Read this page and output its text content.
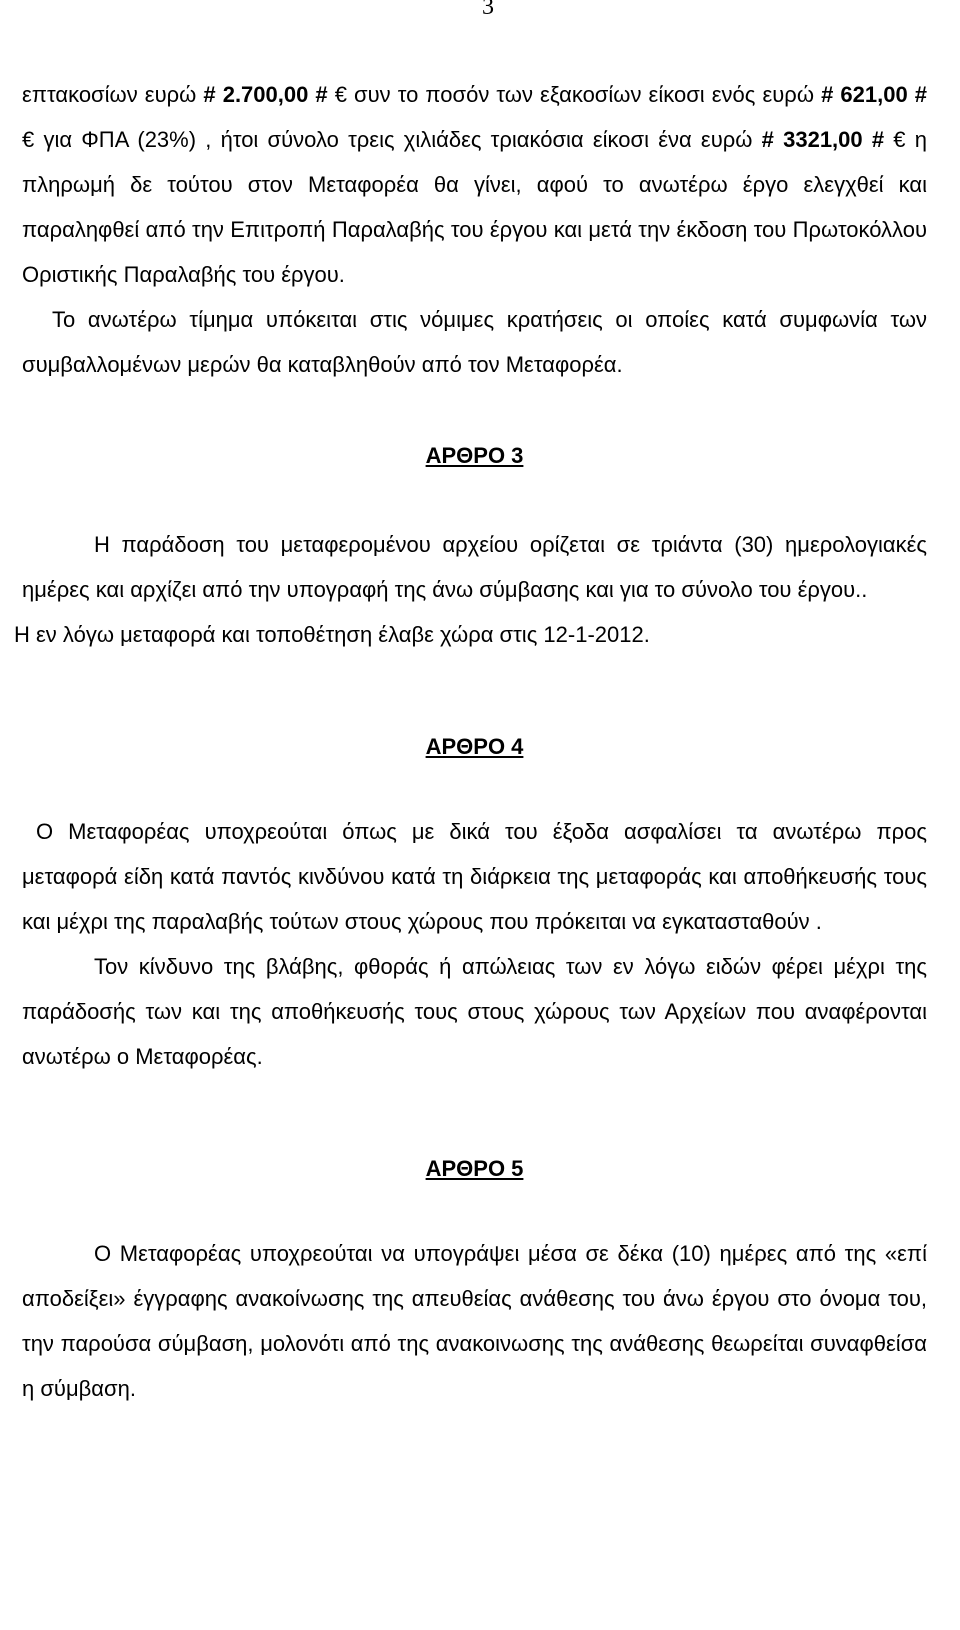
3

επτακοσίων ευρώ # 2.700,00 # € συν το ποσόν των εξακοσίων είκοσι ενός ευρώ # 621,00 # € για ΦΠΑ (23%) , ήτοι σύνολο τρεις χιλιάδες τριακόσια είκοσι ένα ευρώ # 3321,00 # € η πληρωμή δε τούτου στον Μεταφορέα θα γίνει, αφού το ανωτέρω έργο ελεγχθεί και παραληφθεί από την Επιτροπή Παραλαβής του έργου και μετά την έκδοση του Πρωτοκόλλου Οριστικής Παραλαβής του έργου.

Το ανωτέρω τίμημα υπόκειται στις νόμιμες κρατήσεις οι οποίες κατά συμφωνία των συμβαλλομένων μερών θα καταβληθούν από τον Μεταφορέα.

ΑΡΘΡΟ 3

Η παράδοση του μεταφερομένου αρχείου ορίζεται σε τριάντα (30) ημερολογιακές ημέρες και αρχίζει από την υπογραφή της άνω σύμβασης και για το σύνολο του έργου..

Η εν λόγω μεταφορά και τοποθέτηση έλαβε χώρα στις 12-1-2012.

ΑΡΘΡΟ 4

Ο Μεταφορέας υποχρεούται όπως με δικά του έξοδα ασφαλίσει τα ανωτέρω προς μεταφορά είδη κατά παντός κινδύνου κατά τη διάρκεια της μεταφοράς και αποθήκευσής τους και μέχρι της παραλαβής τούτων στους χώρους που πρόκειται να εγκατασταθούν .

Τον κίνδυνο της βλάβης, φθοράς ή απώλειας των εν λόγω ειδών φέρει μέχρι της παράδοσής των και της αποθήκευσής τους στους χώρους των Αρχείων που αναφέρονται ανωτέρω ο Μεταφορέας.

ΑΡΘΡΟ 5

Ο Μεταφορέας υποχρεούται να υπογράψει μέσα σε δέκα (10) ημέρες από της «επί αποδείξει» έγγραφης ανακοίνωσης της απευθείας ανάθεσης του άνω έργου στο όνομα του, την παρούσα σύμβαση, μολονότι από της ανακοινωσης της ανάθεσης θεωρείται συναφθείσα η σύμβαση.
